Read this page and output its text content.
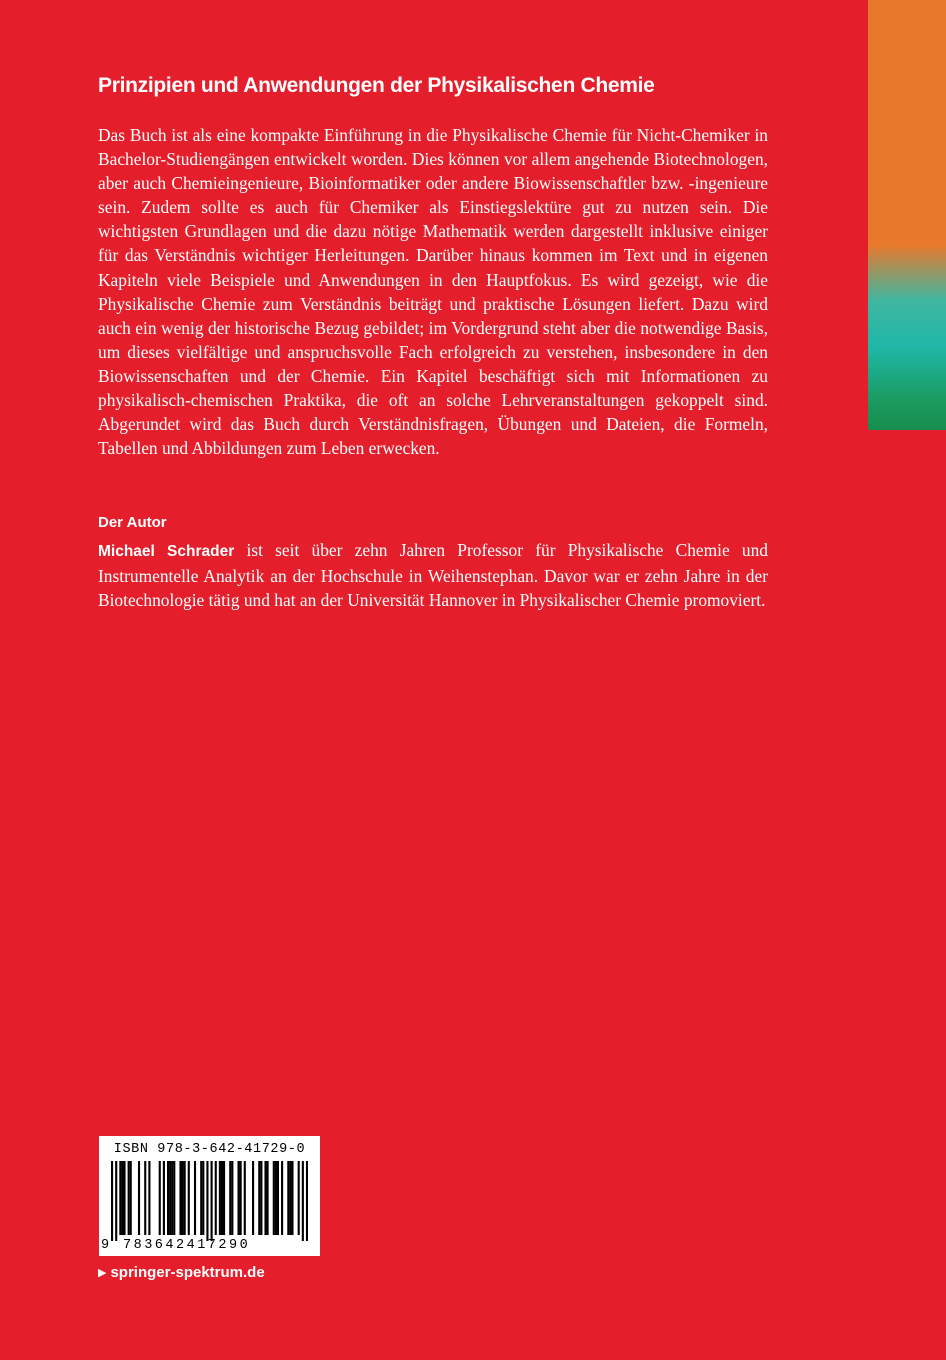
Prinzipien und Anwendungen der Physikalischen Chemie

Das Buch ist als eine kompakte Einführung in die Physikalische Chemie für Nicht-Chemiker in Bachelor-Studiengängen entwickelt worden. Dies können vor allem angehende Biotechnologen, aber auch Chemieingenieure, Bioinformatiker oder andere Biowissenschaftler bzw. -ingenieure sein. Zudem sollte es auch für Chemiker als Einstiegslektüre gut zu nutzen sein. Die wichtigsten Grundlagen und die dazu nötige Mathematik werden dargestellt inklusive einiger für das Verständnis wichtiger Herleitungen. Darüber hinaus kommen im Text und in eigenen Kapiteln viele Beispiele und Anwendungen in den Hauptfokus. Es wird gezeigt, wie die Physikalische Chemie zum Verständnis beiträgt und praktische Lösungen liefert. Dazu wird auch ein wenig der historische Bezug gebildet; im Vordergrund steht aber die notwendige Basis, um dieses vielfältige und anspruchsvolle Fach erfolgreich zu verstehen, insbesondere in den Biowissenschaften und der Chemie. Ein Kapitel beschäftigt sich mit Informationen zu physikalisch-chemischen Praktika, die oft an solche Lehrveranstaltungen gekoppelt sind. Abgerundet wird das Buch durch Verständnisfragen, Übungen und Dateien, die Formeln, Tabellen und Abbildungen zum Leben erwecken.

Der Autor

Michael Schrader ist seit über zehn Jahren Professor für Physikalische Chemie und Instrumentelle Analytik an der Hochschule in Weihenstephan. Davor war er zehn Jahre in der Biotechnologie tätig und hat an der Universität Hannover in Physikalischer Chemie promoviert.

ISBN 978-3-642-41729-0

9 783642417290

▶ springer-spektrum.de
